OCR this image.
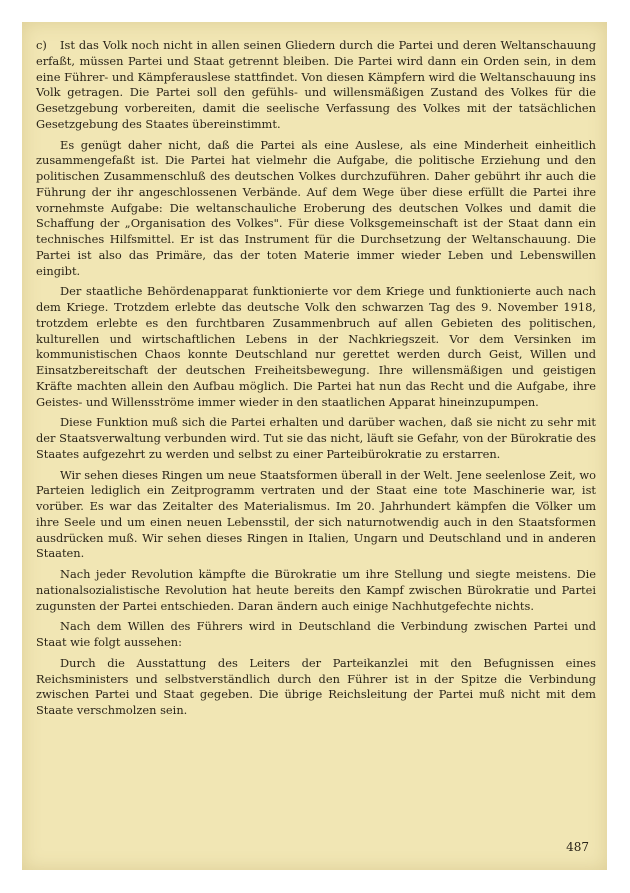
c) Ist das Volk noch nicht in allen seinen Gliedern durch die Partei und deren Weltanschauung erfaßt, müssen Partei und Staat getrennt bleiben. Die Partei wird dann ein Orden sein, in dem eine Führer- und Kämpferauslese stattfindet. Von diesen Kämpfern wird die Weltanschauung ins Volk getragen. Die Partei soll den gefühls- und willensmäßigen Zustand des Volkes für die Gesetzgebung vorbereiten, damit die seelische Verfassung des Volkes mit der tatsächlichen Gesetzgebung des Staates übereinstimmt.

Es genügt daher nicht, daß die Partei als eine Auslese, als eine Minderheit einheitlich zusammengefaßt ist. Die Partei hat vielmehr die Aufgabe, die politische Erziehung und den politischen Zusammenschluß des deutschen Volkes durchzuführen. Daher gebührt ihr auch die Führung der ihr angeschlossenen Verbände. Auf dem Wege über diese erfüllt die Partei ihre vornehmste Aufgabe: Die weltanschauliche Eroberung des deutschen Volkes und damit die Schaffung der „Organisation des Volkes". Für diese Volksgemeinschaft ist der Staat dann ein technisches Hilfsmittel. Er ist das Instrument für die Durchsetzung der Weltanschauung. Die Partei ist also das Primäre, das der toten Materie immer wieder Leben und Lebenswillen eingibt.

Der staatliche Behördenapparat funktionierte vor dem Kriege und funktionierte auch nach dem Kriege. Trotzdem erlebte das deutsche Volk den schwarzen Tag des 9. November 1918, trotzdem erlebte es den furchtbaren Zusammenbruch auf allen Gebieten des politischen, kulturellen und wirtschaftlichen Lebens in der Nachkriegszeit. Vor dem Versinken im kommunistischen Chaos konnte Deutschland nur gerettet werden durch Geist, Willen und Einsatzbereitschaft der deutschen Freiheitsbewegung. Ihre willensmäßigen und geistigen Kräfte machten allein den Aufbau möglich. Die Partei hat nun das Recht und die Aufgabe, ihre Geistes- und Willensströme immer wieder in den staatlichen Apparat hineinzupumpen.

Diese Funktion muß sich die Partei erhalten und darüber wachen, daß sie nicht zu sehr mit der Staatsverwaltung verbunden wird. Tut sie das nicht, läuft sie Gefahr, von der Bürokratie des Staates aufgezehrt zu werden und selbst zu einer Parteibürokratie zu erstarren.

Wir sehen dieses Ringen um neue Staatsformen überall in der Welt. Jene seelenlose Zeit, wo Parteien lediglich ein Zeitprogramm vertraten und der Staat eine tote Maschinerie war, ist vorüber. Es war das Zeitalter des Materialismus. Im 20. Jahrhundert kämpfen die Völker um ihre Seele und um einen neuen Lebensstil, der sich naturnotwendig auch in den Staatsformen ausdrücken muß. Wir sehen dieses Ringen in Italien, Ungarn und Deutschland und in anderen Staaten.

Nach jeder Revolution kämpfte die Bürokratie um ihre Stellung und siegte meistens. Die nationalsozialistische Revolution hat heute bereits den Kampf zwischen Bürokratie und Partei zugunsten der Partei entschieden. Daran ändern auch einige Nachhutgefechte nichts.

Nach dem Willen des Führers wird in Deutschland die Verbindung zwischen Partei und Staat wie folgt aussehen:

Durch die Ausstattung des Leiters der Parteikanzlei mit den Befugnissen eines Reichsministers und selbstverständlich durch den Führer ist in der Spitze die Verbindung zwischen Partei und Staat gegeben. Die übrige Reichsleitung der Partei muß nicht mit dem Staate verschmolzen sein.

487
